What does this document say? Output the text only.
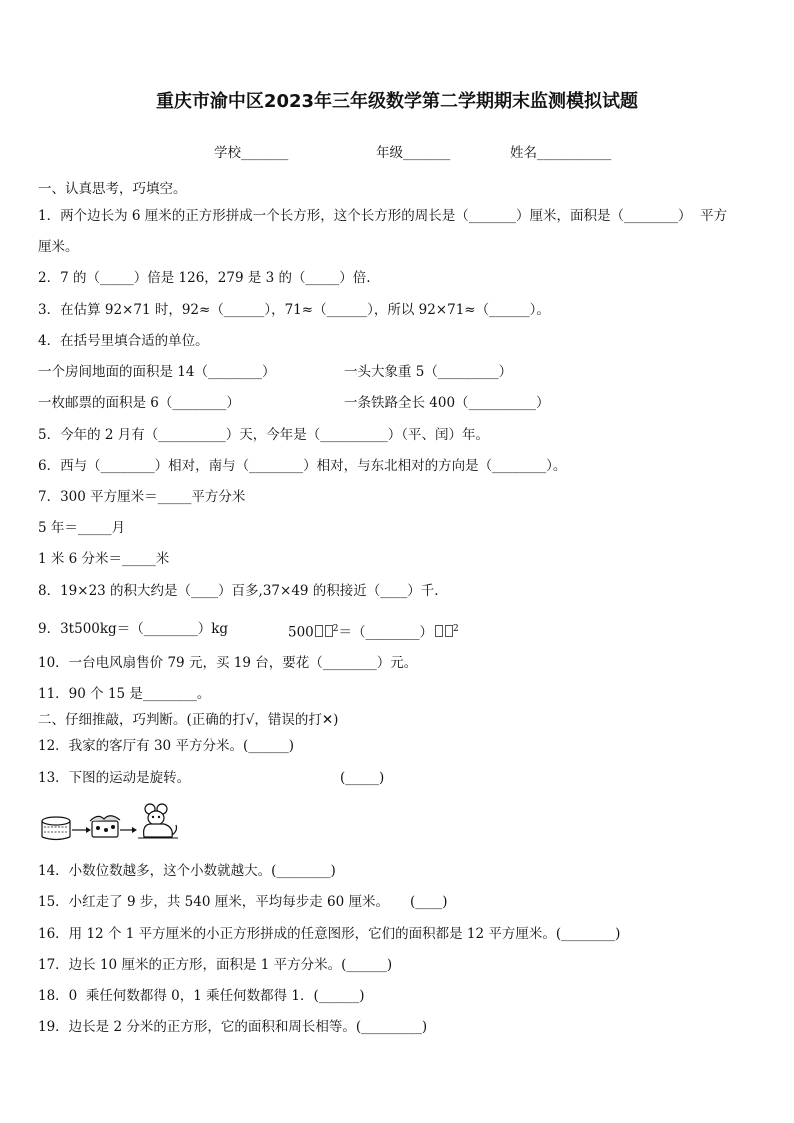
重庆市渝中区2023年三年级数学第二学期期末监测模拟试题
学校_______	年级_______	姓名___________
一、认真思考，巧填空。
1．两个边长为 6 厘米的正方形拼成一个长方形，这个长方形的周长是（_______）厘米，面积是（________）  平方
厘米。
2．7 的（_____）倍是 126，279 是 3 的（_____）倍.
3．在估算 92×71 时，92≈（______），71≈（______），所以 92×71≈（______）。
4．在括号里填合适的单位。
一个房间地面的面积是 14（________）	一头大象重 5（_________）
一枚邮票的面积是 6（________）	一条铁路全长 400（__________）
5．今年的 2 月有（__________）天，今年是（__________）（平、闰）年。
6．西与（________）相对，南与（________）相对，与东北相对的方向是（________）。
7．300 平方厘米＝_____平方分米
5 年＝_____月
1 米 6 分米＝_____米
8．19×23 的积大约是（____）百多,37×49 的积接近（____）千.
9．3t500kg＝（________）kg	500 $^2$＝（________） $^2$
10．一台电风扇售价 79 元，买 19 台，要花（________）元。
11．90 个 15 是________。
二、仔细推敲，巧判断。(正确的打√，错误的打✕)
12．我家的客厅有 30 平方分米。(______)
13．下图的运动是旋转。	(_____)
14．小数位数越多，这个小数就越大。(________)
15．小红走了 9 步，共 540 厘米，平均每步走 60 厘米。 (____)
16．用 12 个 1 平方厘米的小正方形拼成的任意图形，它们的面积都是 12 平方厘米。(________)
17．边长 10 厘米的正方形，面积是 1 平方分米。(______)
18．0  乘任何数都得 0，1 乘任何数都得 1．(______)
19．边长是 2 分米的正方形，它的面积和周长相等。(_________)
